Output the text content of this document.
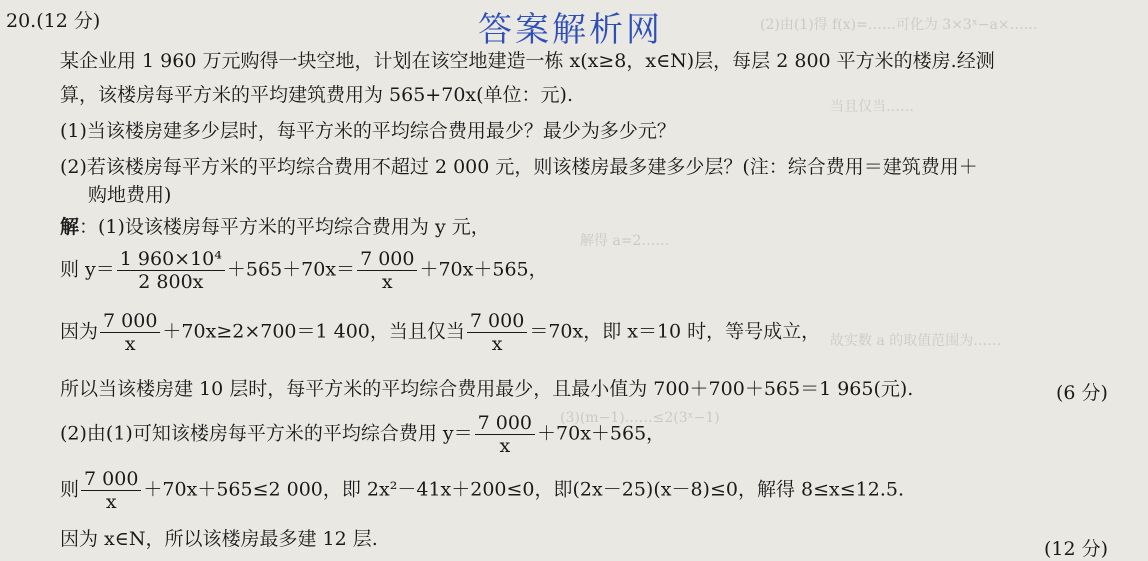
(2)由(1)得 f(x)=……可化为 3×3ˣ−a×……
当且仅当……
解得 a=2……
故实数 a 的取值范围为……
(3)(m−1)……≤2(3ˣ−1)
答案解析网
20.(12 分)
某企业用 1 960 万元购得一块空地，计划在该空地建造一栋 x(x≥8，x∈N)层，每层 2 800 平方米的楼房.经测
算，该楼房每平方米的平均建筑费用为 565+70x(单位：元).
(1)当该楼房建多少层时，每平方米的平均综合费用最少？最少为多少元？
(2)若该楼房每平方米的平均综合费用不超过 2 000 元，则该楼房最多建多少层？(注：综合费用＝建筑费用＋
购地费用)
解：(1)设该楼房每平方米的平均综合费用为 y 元，
则 $y= \frac{\text{1 960×10⁴}}{2 800x} +565+70x= \frac{7 000}{x} +70x+565$，
因为 $\frac{7 000}{x} +70x\ge 2\times 700=1$ 400，当且仅当 $\frac{7 000}{x} =70x$，即 x＝10 时，等号成立，
所以当该楼房建 10 层时，每平方米的平均综合费用最少，且最小值为 700＋700＋565＝1 965(元).	(6 分)
(2)由(1)可知该楼房每平方米的平均综合费用 $y= \frac{7 000}{x} +70x+565$，
则 $\frac{7 000}{x} +70x+565\le 2$ 000，即 2x²－41x＋200≤0，即(2x－25)(x－8)≤0，解得 8≤x≤12.5.
因为 x∈N，所以该楼房最多建 12 层.	(12 分)
